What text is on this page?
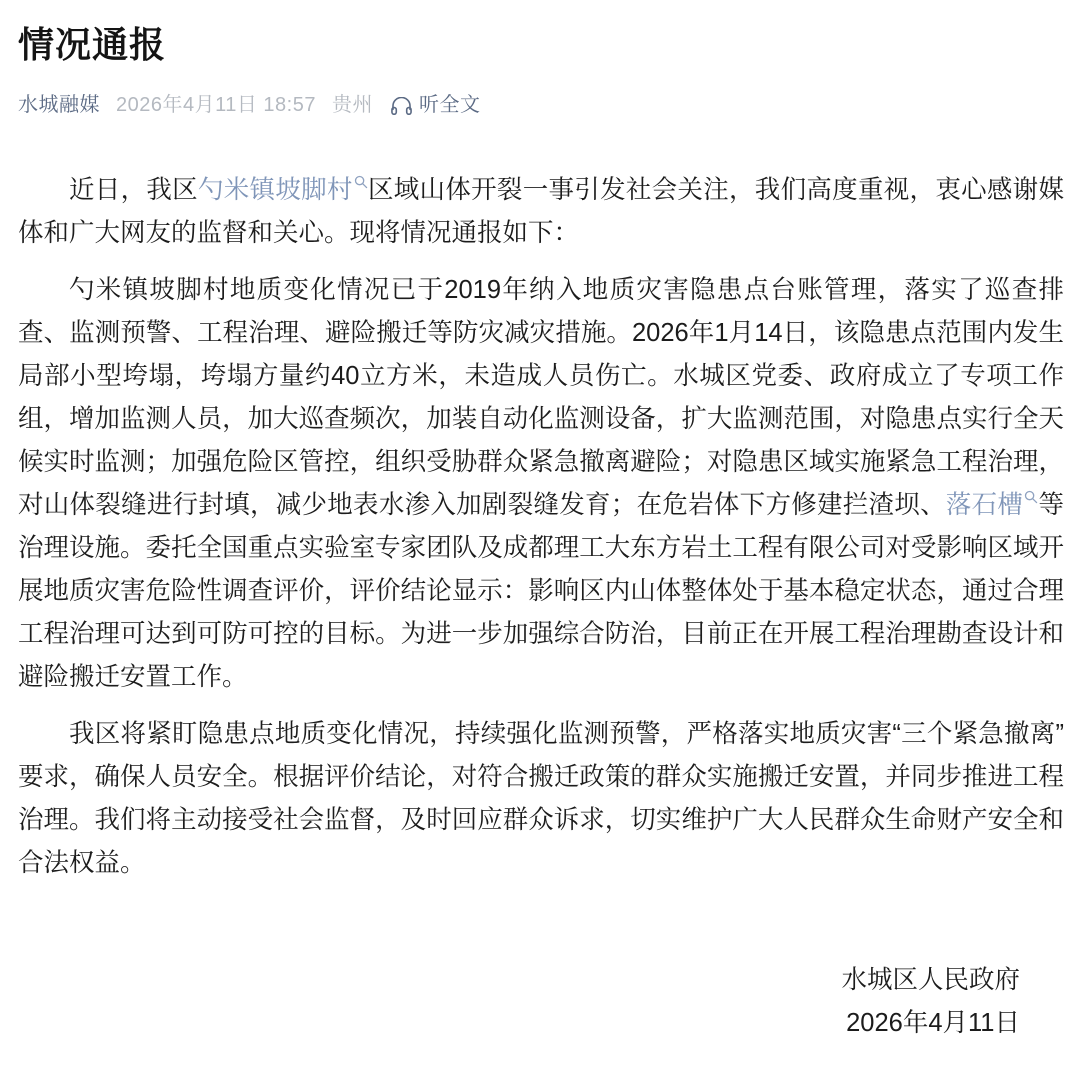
情况通报
水城融媒 2026年4月11日 18:57 贵州 听全文

近日，我区勺米镇坡脚村 区域山体开裂一事引发社会关注，我们高度重视，衷心感谢媒体和广大网友的监督和关心。现将情况通报如下：

勺米镇坡脚村地质变化情况已于2019年纳入地质灾害隐患点台账管理，落实了巡查排查、监测预警、工程治理、避险搬迁等防灾减灾措施。2026年1月14日，该隐患点范围内发生局部小型垮塌，垮塌方量约40立方米，未造成人员伤亡。水城区党委、政府成立了专项工作组，增加监测人员，加大巡查频次，加装自动化监测设备，扩大监测范围，对隐患点实行全天候实时监测；加强危险区管控，组织受胁群众紧急撤离避险；对隐患区域实施紧急工程治理，对山体裂缝进行封填，减少地表水渗入加剧裂缝发育；在危岩体下方修建拦渣坝、落石槽 等治理设施。委托全国重点实验室专家团队及成都理工大东方岩土工程有限公司对受影响区域开展地质灾害危险性调查评价，评价结论显示：影响区内山体整体处于基本稳定状态，通过合理工程治理可达到可防可控的目标。为进一步加强综合防治，目前正在开展工程治理勘查设计和避险搬迁安置工作。

我区将紧盯隐患点地质变化情况，持续强化监测预警，严格落实地质灾害“三个紧急撤离”要求，确保人员安全。根据评价结论，对符合搬迁政策的群众实施搬迁安置，并同步推进工程治理。我们将主动接受社会监督，及时回应群众诉求，切实维护广大人民群众生命财产安全和合法权益。

水城区人民政府
2026年4月11日
